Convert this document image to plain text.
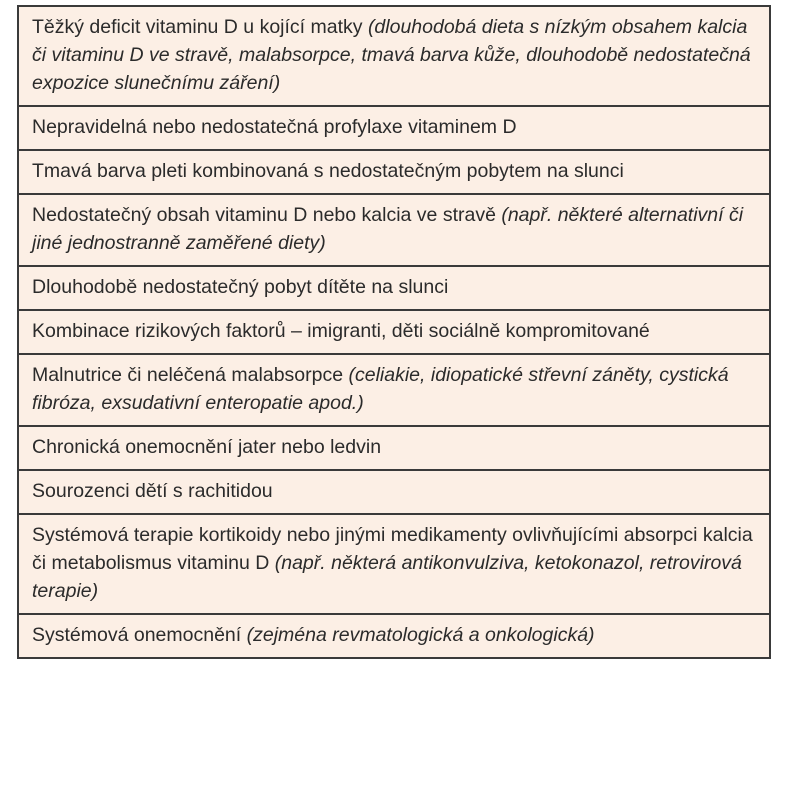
Těžký deficit vitaminu D u kojící matky (dlouhodobá dieta s nízkým obsahem kalcia či vitaminu D ve stravě, malabsorpce, tmavá barva kůže, dlouhodobě nedostatečná expozice slunečnímu záření)
Nepravidelná nebo nedostatečná profylaxe vitaminem D
Tmavá barva pleti kombinovaná s nedostatečným pobytem na slunci
Nedostatečný obsah vitaminu D nebo kalcia ve stravě (např. některé alternativní či jiné jednostranně zaměřené diety)
Dlouhodobě nedostatečný pobyt dítěte na slunci
Kombinace rizikových faktorů – imigranti, děti sociálně kompromitované
Malnutrice či neléčená malabsorpce (celiakie, idiopatické střevní záněty, cystická fibróza, exsudativní enteropatie apod.)
Chronická onemocnění jater nebo ledvin
Sourozenci dětí s rachitidou
Systémová terapie kortikoidy nebo jinými medikamenty ovlivňujícími absorpci kalcia či metabolismus vitaminu D (např. některá antikonvulziva, ketokonazol, retrovirová terapie)
Systémová onemocnění (zejména revmatologická a onkologická)
